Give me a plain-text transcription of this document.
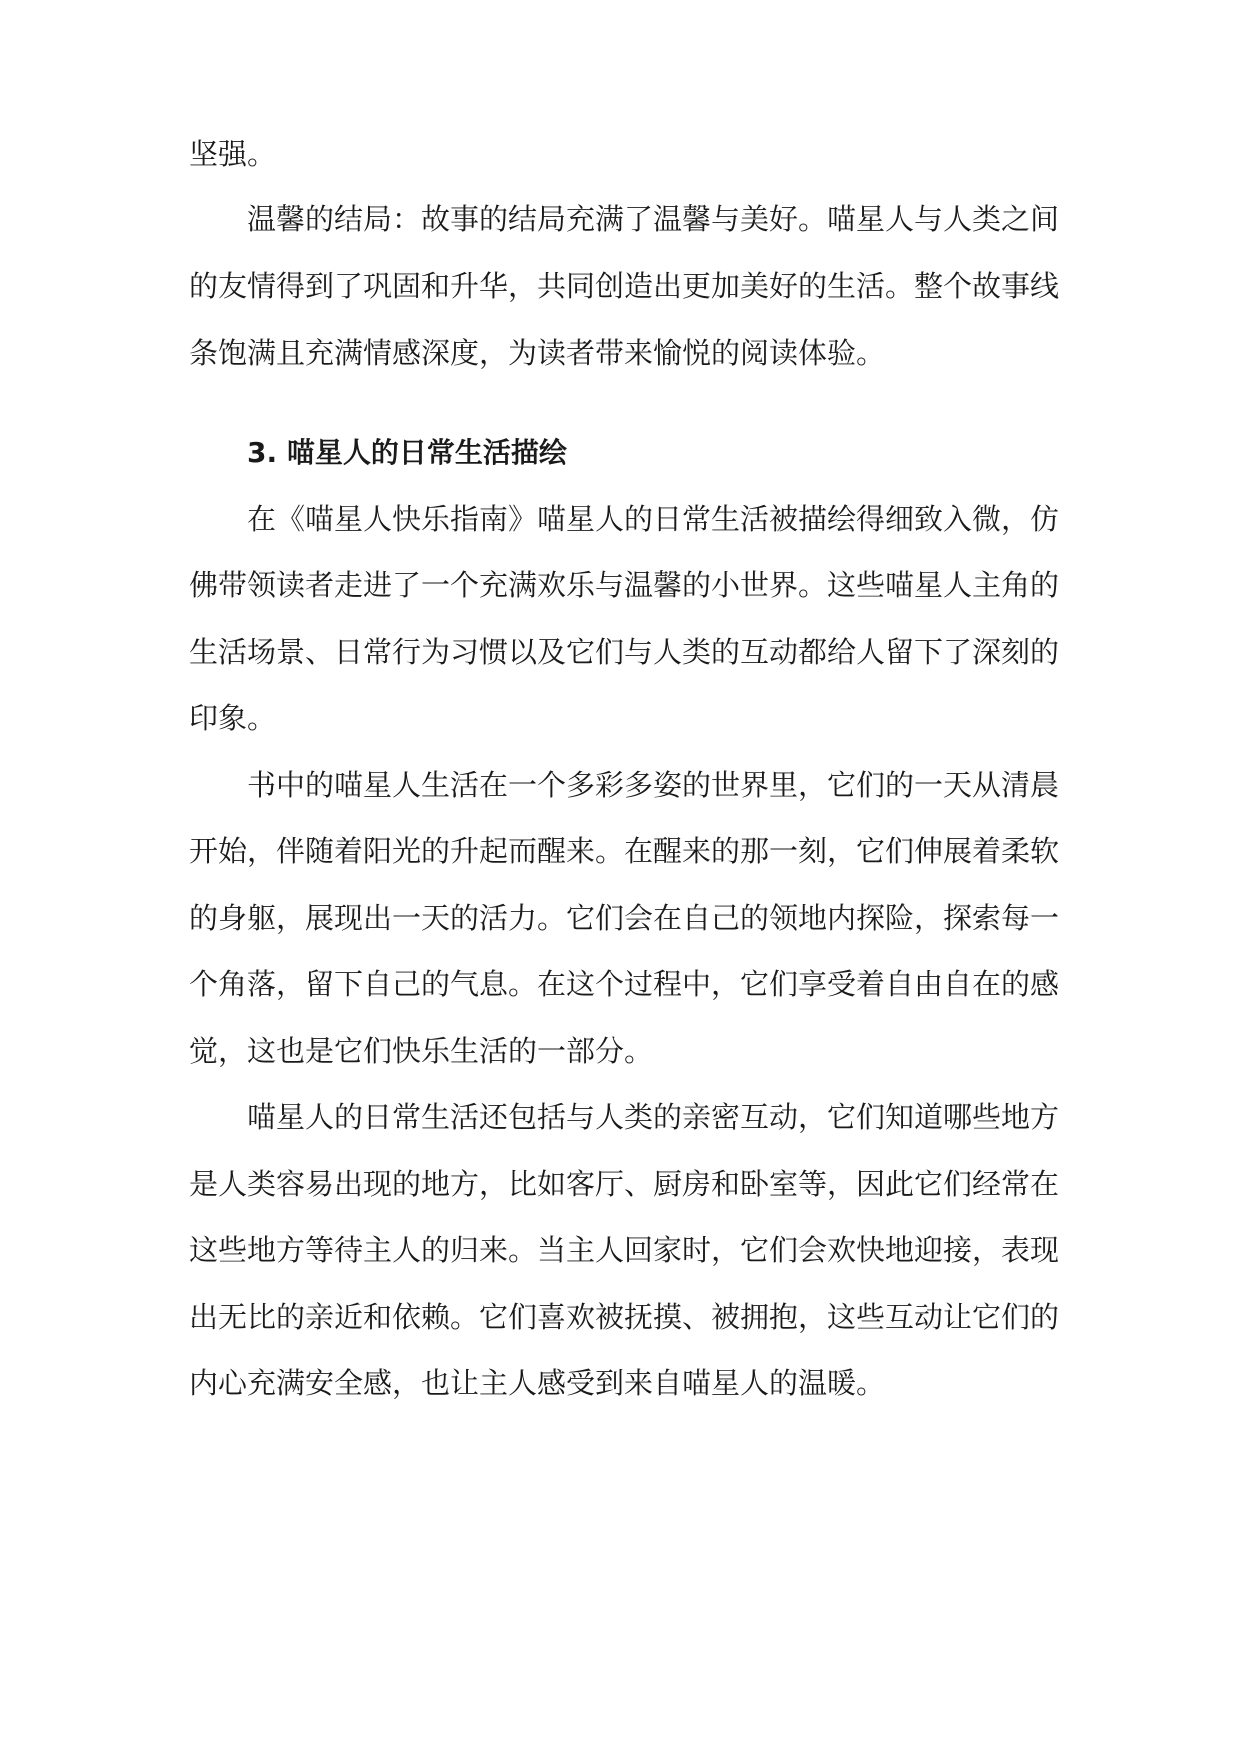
坚强。
温馨的结局：故事的结局充满了温馨与美好。喵星人与人类之间
的友情得到了巩固和升华，共同创造出更加美好的生活。整个故事线
条饱满且充满情感深度，为读者带来愉悦的阅读体验。
3. 喵星人的日常生活描绘
在《喵星人快乐指南》喵星人的日常生活被描绘得细致入微，仿
佛带领读者走进了一个充满欢乐与温馨的小世界。这些喵星人主角的
生活场景、日常行为习惯以及它们与人类的互动都给人留下了深刻的
印象。
书中的喵星人生活在一个多彩多姿的世界里，它们的一天从清晨
开始，伴随着阳光的升起而醒来。在醒来的那一刻，它们伸展着柔软
的身躯，展现出一天的活力。它们会在自己的领地内探险，探索每一
个角落，留下自己的气息。在这个过程中，它们享受着自由自在的感
觉，这也是它们快乐生活的一部分。
喵星人的日常生活还包括与人类的亲密互动，它们知道哪些地方
是人类容易出现的地方，比如客厅、厨房和卧室等，因此它们经常在
这些地方等待主人的归来。当主人回家时，它们会欢快地迎接，表现
出无比的亲近和依赖。它们喜欢被抚摸、被拥抱，这些互动让它们的
内心充满安全感，也让主人感受到来自喵星人的温暖。
